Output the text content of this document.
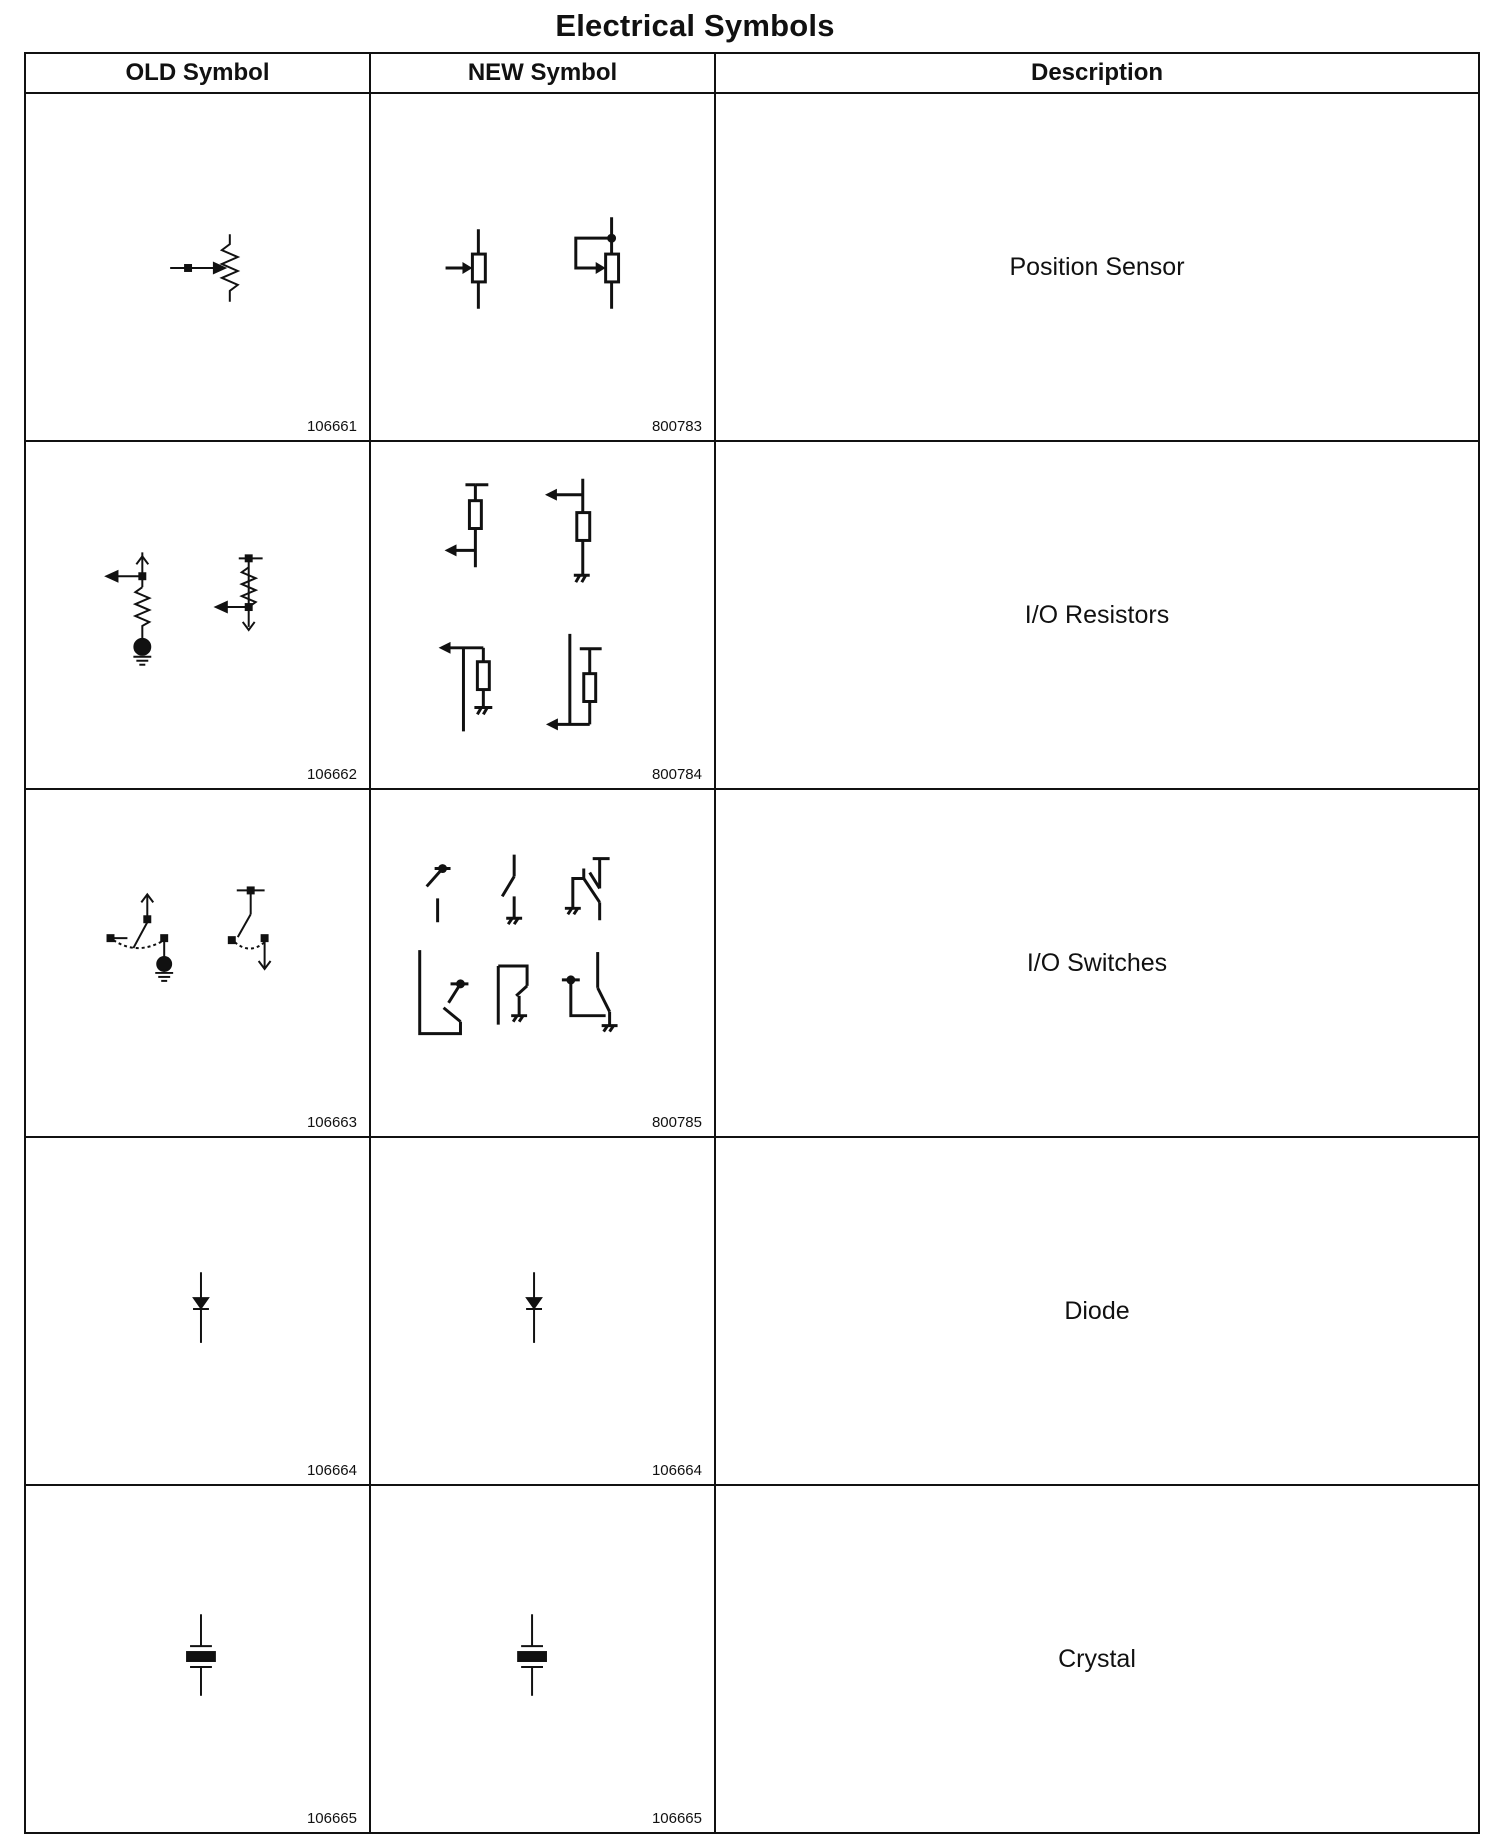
Electrical Symbols
OLD Symbol	NEW Symbol	Description

106661	800783	Position Sensor

106662	800784	I/O Resistors

106663	800785	I/O Switches

106664	106664	Diode

106665	106665	Crystal
